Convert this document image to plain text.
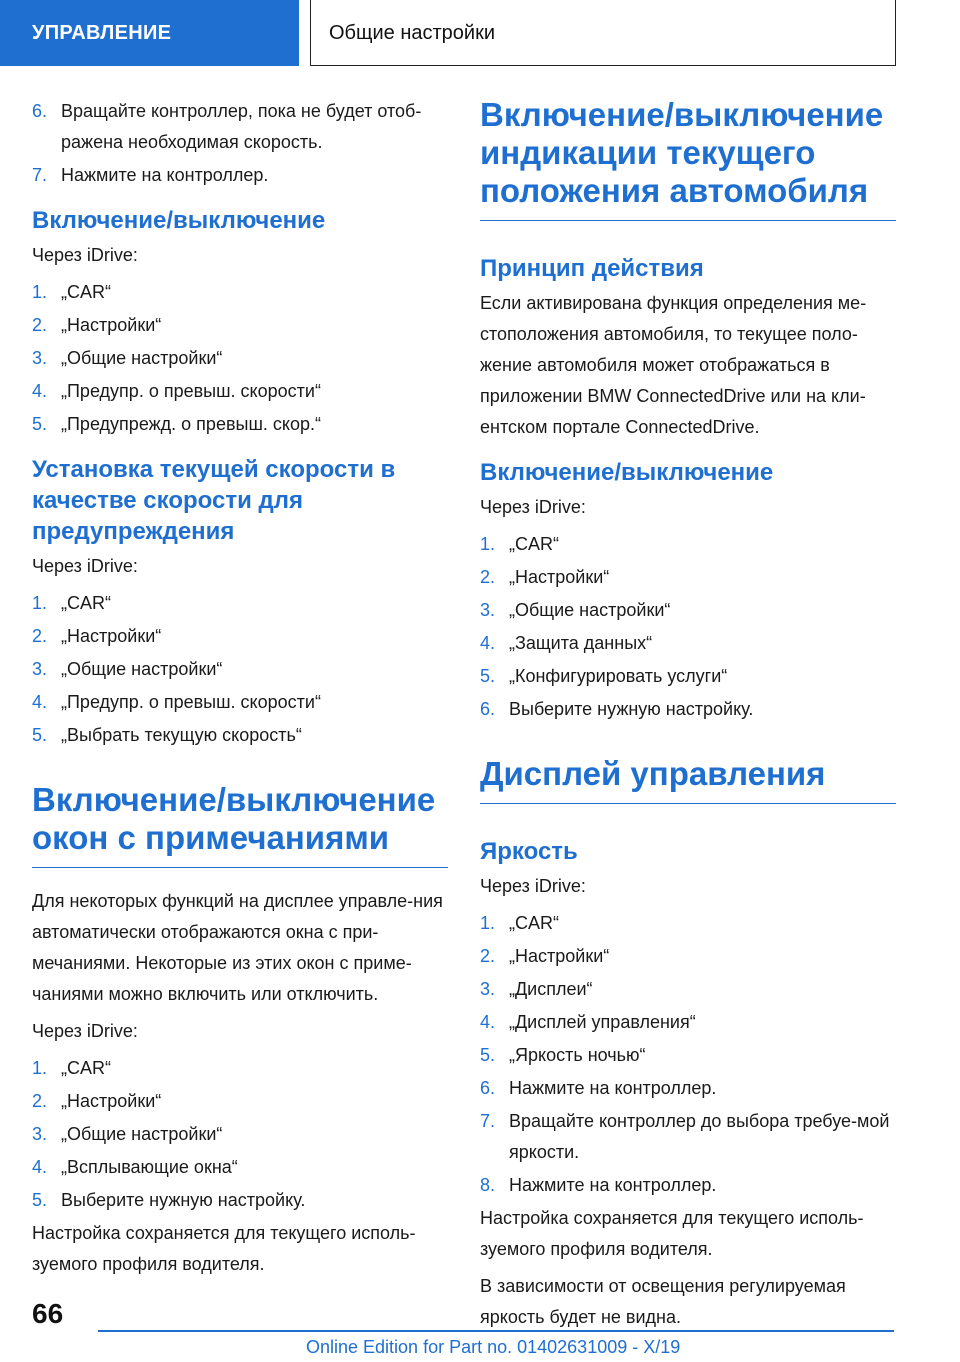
УПРАВЛЕНИЕ	Общие настройки
6. Вращайте контроллер, пока не будет отоб-ражена необходимая скорость.
7. Нажмите на контроллер.
Включение/выключение

Через iDrive:

1. „CAR“
2. „Настройки“
3. „Общие настройки“
4. „Предупр. о превыш. скорости“
5. „Предупрежд. о превыш. скор.“
Установка текущей скорости в качестве скорости для предупреждения

Через iDrive:

1. „CAR“
2. „Настройки“
3. „Общие настройки“
4. „Предупр. о превыш. скорости“
5. „Выбрать текущую скорость“
Включение/выключение окон с примечаниями

Для некоторых функций на дисплее управле-ния автоматически отображаются окна с при-мечаниями. Некоторые из этих окон с приме-чаниями можно включить или отключить.

Через iDrive:

1. „CAR“
2. „Настройки“
3. „Общие настройки“
4. „Всплывающие окна“
5. Выберите нужную настройку.

Настройка сохраняется для текущего исполь-зуемого профиля водителя.

Включение/выключение индикации текущего положения автомобиля
Принцип действия

Если активирована функция определения ме-стоположения автомобиля, то текущее поло-жение автомобиля может отображаться в приложении BMW ConnectedDrive или на кли-ентском портале ConnectedDrive.

Включение/выключение

Через iDrive:

1. „CAR“
2. „Настройки“
3. „Общие настройки“
4. „Защита данных“
5. „Конфигурировать услуги“
6. Выберите нужную настройку.
Дисплей управления
Яркость

Через iDrive:

1. „CAR“
2. „Настройки“
3. „Дисплеи“
4. „Дисплей управления“
5. „Яркость ночью“
6. Нажмите на контроллер.
7. Вращайте контроллер до выбора требуе-мой яркости.
8. Нажмите на контроллер.

Настройка сохраняется для текущего исполь-зуемого профиля водителя.

В зависимости от освещения регулируемая яркость будет не видна.

66
Online Edition for Part no. 01402631009 - X/19
